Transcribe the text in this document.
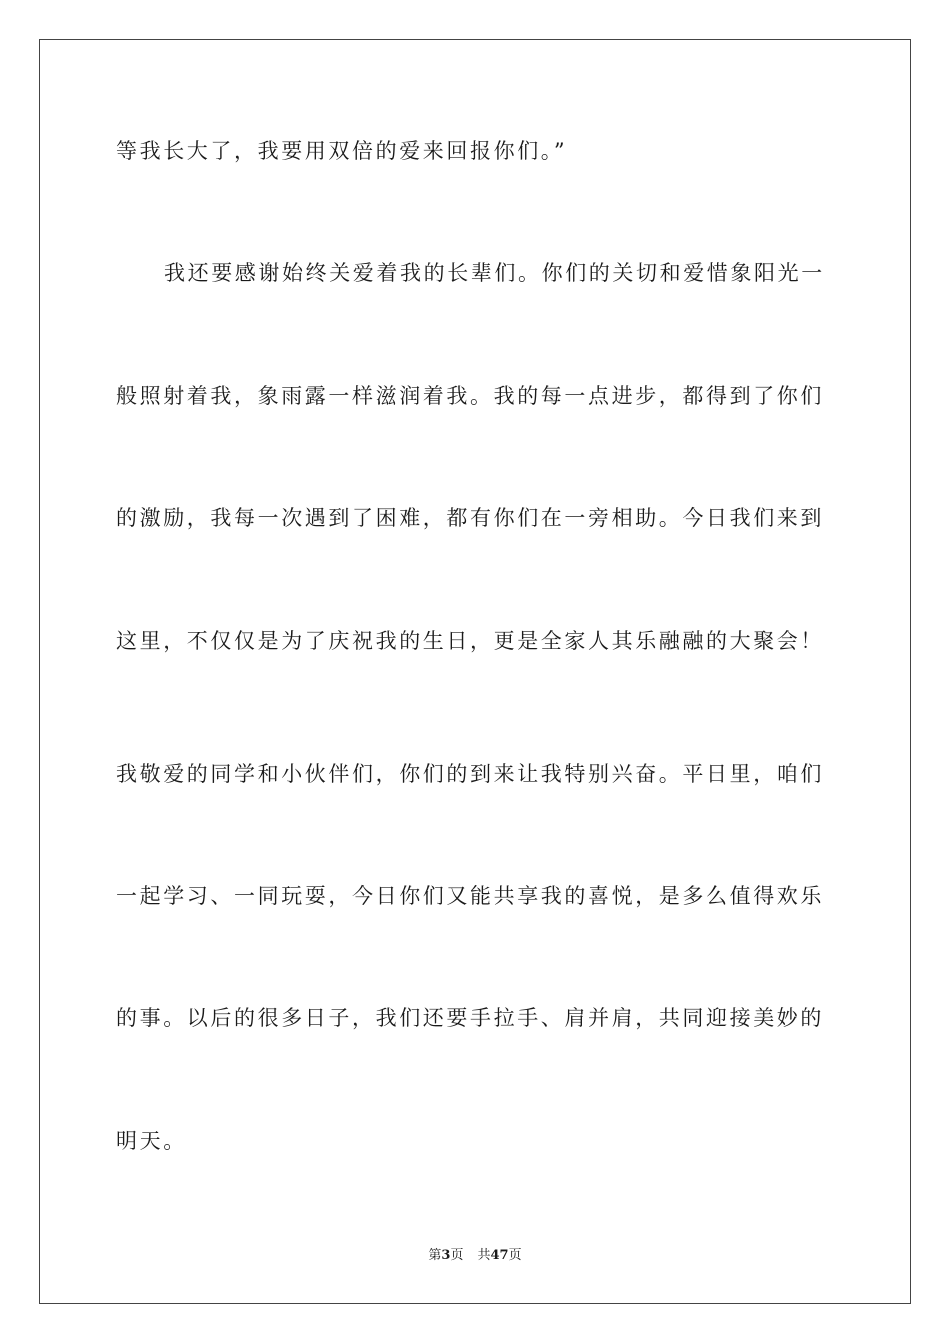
等我长大了，我要用双倍的爱来回报你们。”
我还要感谢始终关爱着我的长辈们。你们的关切和爱惜象阳光一
般照射着我，象雨露一样滋润着我。我的每一点进步，都得到了你们
的激励，我每一次遇到了困难，都有你们在一旁相助。今日我们来到
这里，不仅仅是为了庆祝我的生日，更是全家人其乐融融的大聚会！
我敬爱的同学和小伙伴们，你们的到来让我特别兴奋。平日里，咱们
一起学习、一同玩耍，今日你们又能共享我的喜悦，是多么值得欢乐
的事。以后的很多日子，我们还要手拉手、肩并肩，共同迎接美妙的
明天。
第3页 共47页
